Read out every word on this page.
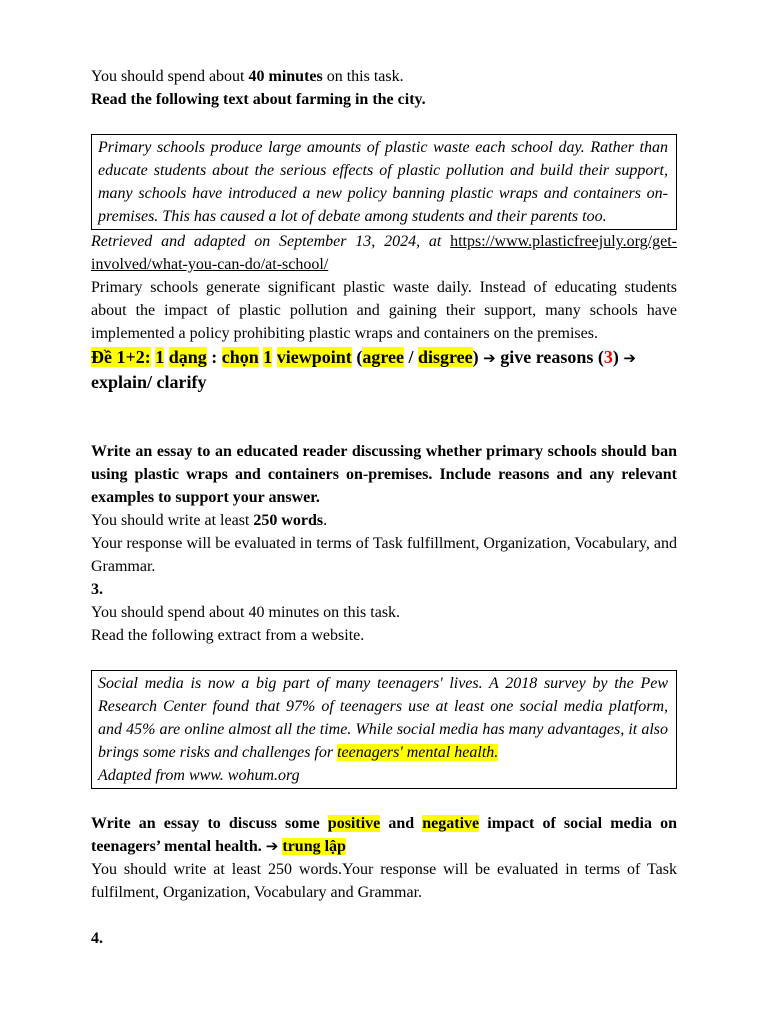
You should spend about 40 minutes on this task.

Read the following text about farming in the city.

Primary schools produce large amounts of plastic waste each school day. Rather than educate students about the serious effects of plastic pollution and build their support, many schools have introduced a new policy banning plastic wraps and containers on-premises. This has caused a lot of debate among students and their parents too.

Retrieved and adapted on September 13, 2024, at https://www.plasticfreejuly.org/get-involved/what-you-can-do/at-school/

Primary schools generate significant plastic waste daily. Instead of educating students about the impact of plastic pollution and gaining their support, many schools have implemented a policy prohibiting plastic wraps and containers on the premises.

Đề 1+2: 1 dạng : chọn 1 viewpoint (agree / disgree) ➔ give reasons (3) ➔ explain/ clarify

Write an essay to an educated reader discussing whether primary schools should ban using plastic wraps and containers on-premises. Include reasons and any relevant examples to support your answer.

You should write at least 250 words.

Your response will be evaluated in terms of Task fulfillment, Organization, Vocabulary, and Grammar.

3.

You should spend about 40 minutes on this task.

Read the following extract from a website.

Social media is now a big part of many teenagers' lives. A 2018 survey by the Pew Research Center found that 97% of teenagers use at least one social media platform, and 45% are online almost all the time. While social media has many advantages, it also brings some risks and challenges for teenagers' mental health.
Adapted from www. wohum.org

Write an essay to discuss some positive and negative impact of social media on teenagers’ mental health. ➔ trung lập

You should write at least 250 words.Your response will be evaluated in terms of Task fulfilment, Organization, Vocabulary and Grammar.

4.
